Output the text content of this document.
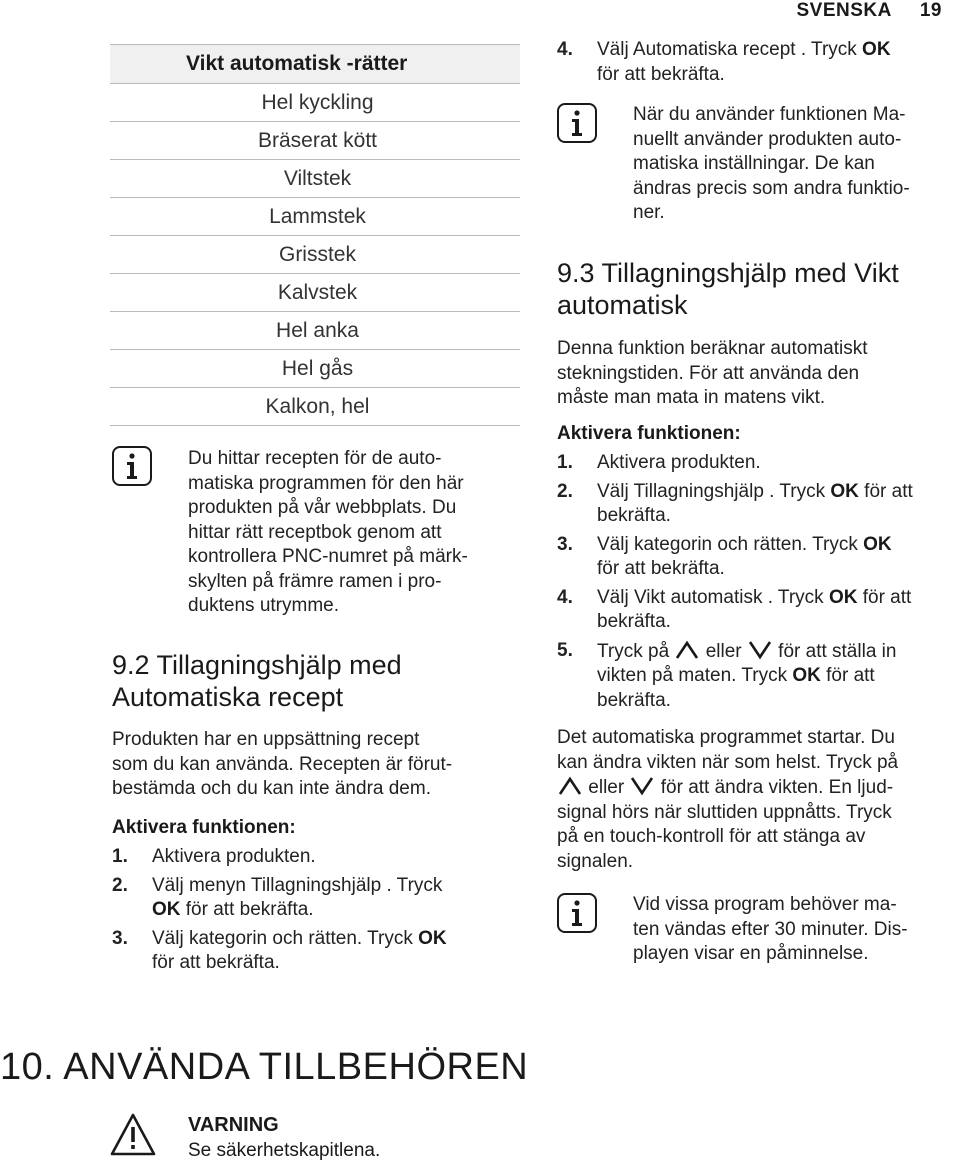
SVENSKA 19
Vikt automatisk -rätter
Hel kyckling
Bräserat kött
Viltstek
Lammstek
Grisstek
Kalvstek
Hel anka
Hel gås
Kalkon, hel
Du hittar recepten för de auto-
matiska programmen för den här
produkten på vår webbplats. Du
hittar rätt receptbok genom att
kontrollera PNC-numret på märk-
skylten på främre ramen i pro-
duktens utrymme.
9.2 Tillagningshjälp med
Automatiska recept
Produkten har en uppsättning recept
som du kan använda. Recepten är förut-
bestämda och du kan inte ändra dem.
Aktivera funktionen:
1. Aktivera produkten.
2. Välj menyn Tillagningshjälp . Tryck
OK för att bekräfta.
3. Välj kategorin och rätten. Tryck OK
för att bekräfta.
4. Välj Automatiska recept . Tryck OK
för att bekräfta.
När du använder funktionen Ma-
nuellt använder produkten auto-
matiska inställningar. De kan
ändras precis som andra funktio-
ner.
9.3 Tillagningshjälp med Vikt
automatisk
Denna funktion beräknar automatiskt
stekningstiden. För att använda den
måste man mata in matens vikt.
Aktivera funktionen:
1. Aktivera produkten.
2. Välj Tillagningshjälp . Tryck OK för att bekräfta.
3. Välj kategorin och rätten. Tryck OK
för att bekräfta.
4. Välj Vikt automatisk . Tryck OK för att bekräfta.
5. Tryck på  eller  för att ställa in
vikten på maten. Tryck OK för att
bekräfta.
Det automatiska programmet startar. Du
kan ändra vikten när som helst. Tryck på
eller  för att ändra vikten. En ljud-
signal hörs när sluttiden uppnåtts. Tryck
på en touch-kontroll för att stänga av
signalen.
Vid vissa program behöver ma-
ten vändas efter 30 minuter. Dis-
playen visar en påminnelse.
10. ANVÄNDA TILLBEHÖREN
VARNING
Se säkerhetskapitlena.
